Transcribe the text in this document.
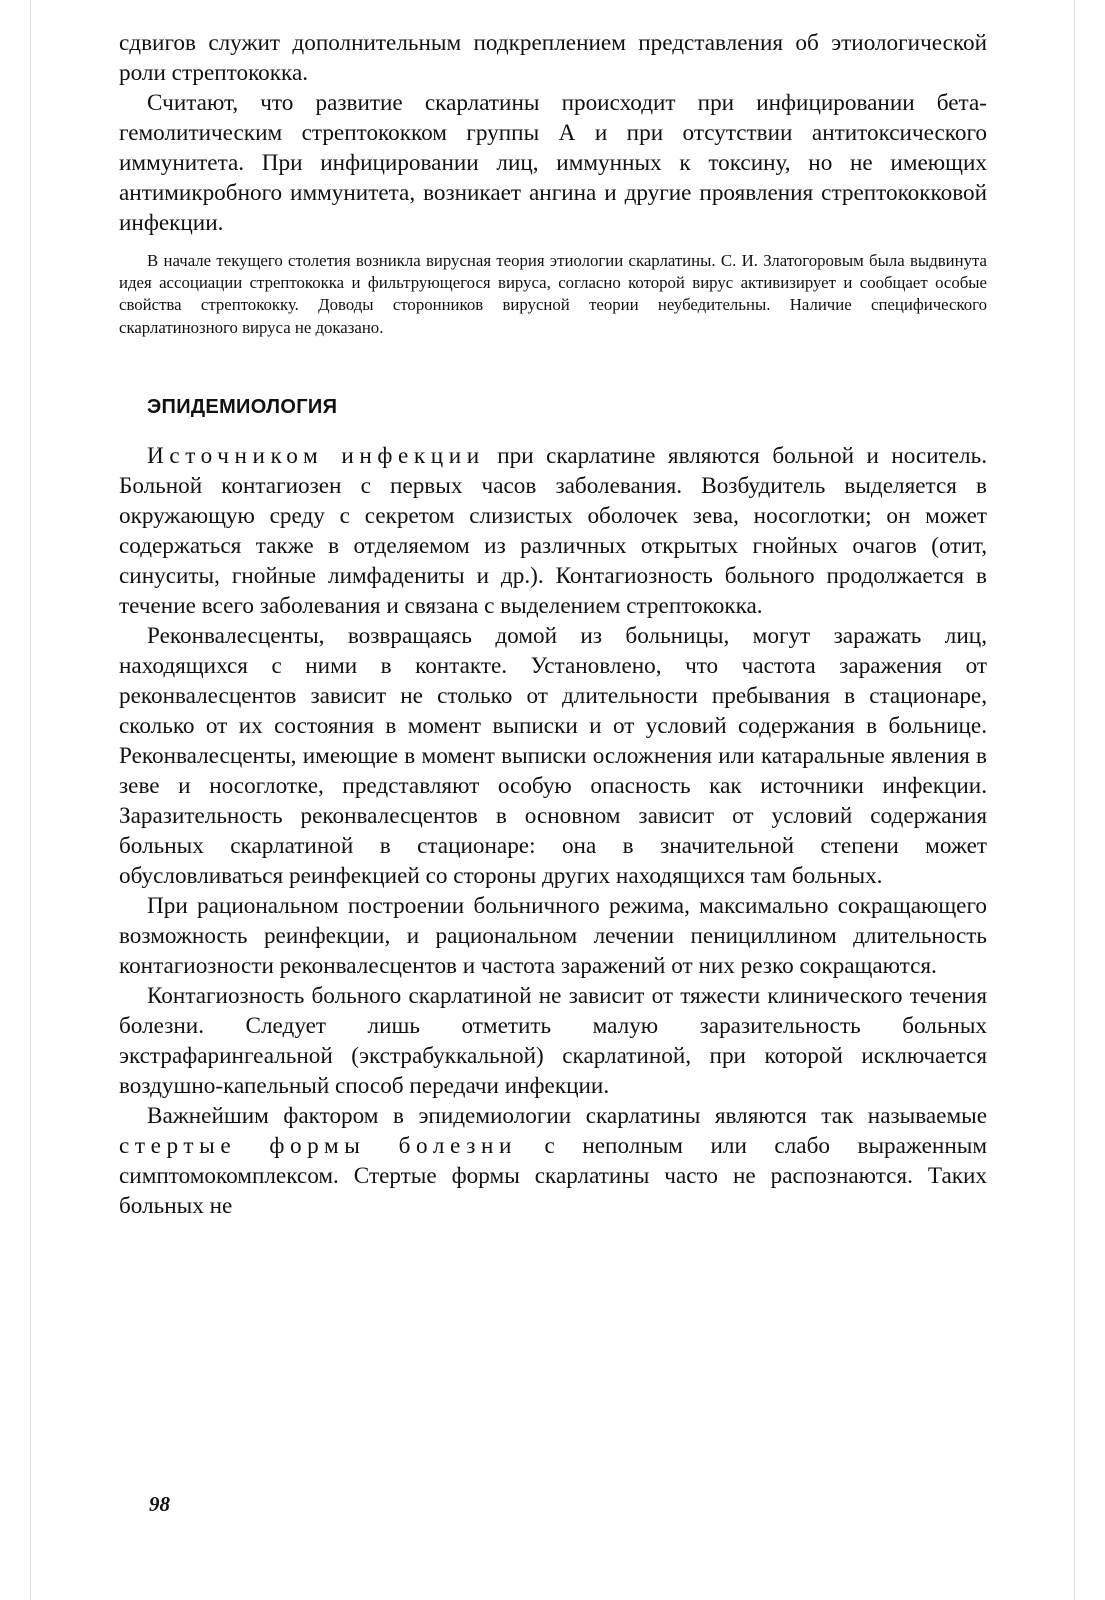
сдвигов служит дополнительным подкреплением представления об этиологической роли стрептококка.

Считают, что развитие скарлатины происходит при инфицировании бета-гемолитическим стрептококком группы А и при отсутствии антитоксического иммунитета. При инфицировании лиц, иммунных к токсину, но не имеющих антимикробного иммунитета, возникает ангина и другие проявления стрептококковой инфекции.

В начале текущего столетия возникла вирусная теория этиологии скарлатины. С. И. Златогоровым была выдвинута идея ассоциации стрептококка и фильтрующегося вируса, согласно которой вирус активизирует и сообщает особые свойства стрептококку. Доводы сторонников вирусной теории неубедительны. Наличие специфического скарлатинозного вируса не доказано.

ЭПИДЕМИОЛОГИЯ

Источником инфекции при скарлатине являются больной и носитель. Больной контагиозен с первых часов заболевания. Возбудитель выделяется в окружающую среду с секретом слизистых оболочек зева, носоглотки; он может содержаться также в отделяемом из различных открытых гнойных очагов (отит, синуситы, гнойные лимфадениты и др.). Контагиозность больного продолжается в течение всего заболевания и связана с выделением стрептококка.

Реконвалесценты, возвращаясь домой из больницы, могут заражать лиц, находящихся с ними в контакте. Установлено, что частота заражения от реконвалесцентов зависит не столько от длительности пребывания в стационаре, сколько от их состояния в момент выписки и от условий содержания в больнице. Реконвалесценты, имеющие в момент выписки осложнения или катаральные явления в зеве и носоглотке, представляют особую опасность как источники инфекции. Заразительность реконвалесцентов в основном зависит от условий содержания больных скарлатиной в стационаре: она в значительной степени может обусловливаться реинфекцией со стороны других находящихся там больных.

При рациональном построении больничного режима, максимально сокращающего возможность реинфекции, и рациональном лечении пенициллином длительность контагиозности реконвалесцентов и частота заражений от них резко сокращаются.

Контагиозность больного скарлатиной не зависит от тяжести клинического течения болезни. Следует лишь отметить малую заразительность больных экстрафарингеальной (экстрабуккальной) скарлатиной, при которой исключается воздушно-капельный способ передачи инфекции.

Важнейшим фактором в эпидемиологии скарлатины являются так называемые стертые формы болезни с неполным или слабо выраженным симптомокомплексом. Стертые формы скарлатины часто не распознаются. Таких больных не

98
